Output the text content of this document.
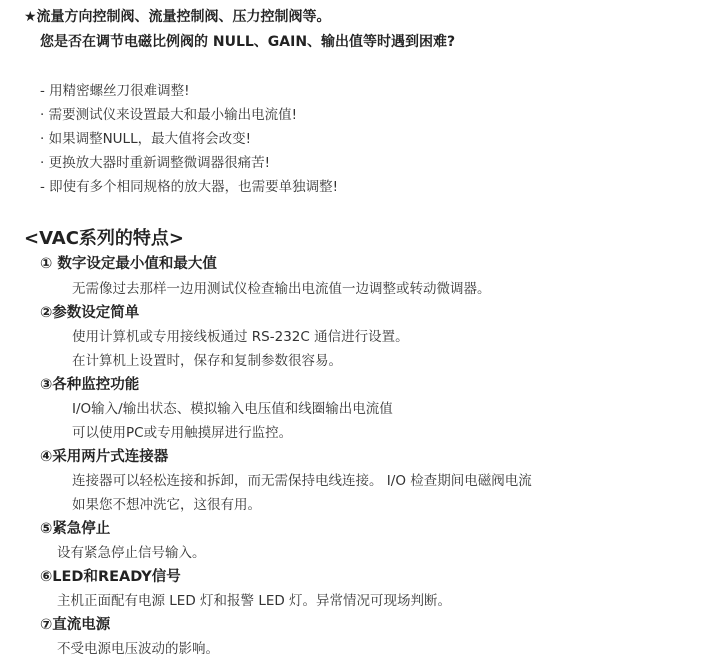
★流量方向控制阀、流量控制阀、压力控制阀等。
您是否在调节电磁比例阀的 NULL、GAIN、输出值等时遇到困难?
- 用精密螺丝刀很难调整!
· 需要测试仪来设置最大和最小输出电流值!
· 如果调整NULL，最大值将会改变!
· 更换放大器时重新调整微调器很痛苦!
- 即使有多个相同规格的放大器，也需要单独调整!
<VAC系列的特点>
① 数字设定最小值和最大值
无需像过去那样一边用测试仪检查输出电流值一边调整或转动微调器。
②参数设定简单
使用计算机或专用接线板通过 RS-232C 通信进行设置。
在计算机上设置时，保存和复制参数很容易。
③各种监控功能
I/O输入/输出状态、模拟输入电压值和线圈输出电流值
可以使用PC或专用触摸屏进行监控。
④采用两片式连接器
连接器可以轻松连接和拆卸，而无需保持电线连接。 I/O 检查期间电磁阀电流
如果您不想冲洗它，这很有用。
⑤紧急停止
设有紧急停止信号输入。
⑥LED和READY信号
主机正面配有电源 LED 灯和报警 LED 灯。异常情况可现场判断。
⑦直流电源
不受电源电压波动的影响。
